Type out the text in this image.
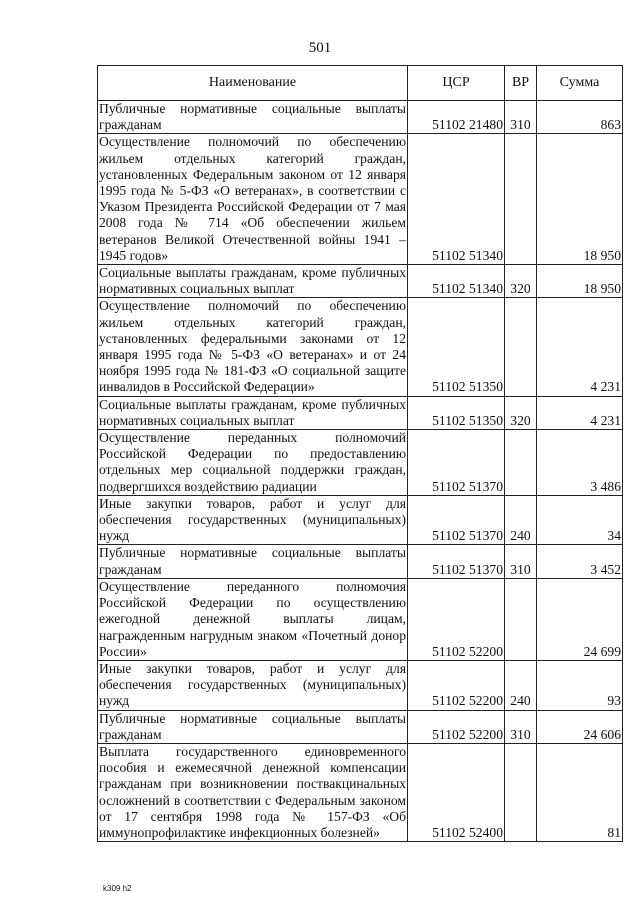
501
Наименование	ЦСР	ВР	Сумма
Публичные нормативные социальные выплаты гражданам	51102 21480	310	863
Осуществление полномочий по обеспечению жильем отдельных категорий граждан, установленных Федеральным законом от 12 января 1995 года № 5-ФЗ «О ветеранах», в соответствии с Указом Президента Российской Федерации от 7 мая 2008 года № 714 «Об обеспечении жильем ветеранов Великой Отечественной войны 1941 – 1945 годов»	51102 51340		18 950
Социальные выплаты гражданам, кроме публичных нормативных социальных выплат	51102 51340	320	18 950
Осуществление полномочий по обеспечению жильем отдельных категорий граждан, установленных федеральными законами от 12 января 1995 года № 5-ФЗ «О ветеранах» и от 24 ноября 1995 года № 181-ФЗ «О социальной защите инвалидов в Российской Федерации»	51102 51350		4 231
Социальные выплаты гражданам, кроме публичных нормативных социальных выплат	51102 51350	320	4 231
Осуществление переданных полномочий Российской Федерации по предоставлению отдельных мер социальной поддержки граждан, подвергшихся воздействию радиации	51102 51370		3 486
Иные закупки товаров, работ и услуг для обеспечения государственных (муниципальных) нужд	51102 51370	240	34
Публичные нормативные социальные выплаты гражданам	51102 51370	310	3 452
Осуществление переданного полномочия Российской Федерации по осуществлению ежегодной денежной выплаты лицам, награжденным нагрудным знаком «Почетный донор России»	51102 52200		24 699
Иные закупки товаров, работ и услуг для обеспечения государственных (муниципальных) нужд	51102 52200	240	93
Публичные нормативные социальные выплаты гражданам	51102 52200	310	24 606
Выплата государственного единовременного пособия и ежемесячной денежной компенсации гражданам при возникновении поствакцинальных осложнений в соответствии с Федеральным законом от 17 сентября 1998 года № 157-ФЗ «Об иммунопрофилактике инфекционных болезней»	51102 52400		81
k309 h2
